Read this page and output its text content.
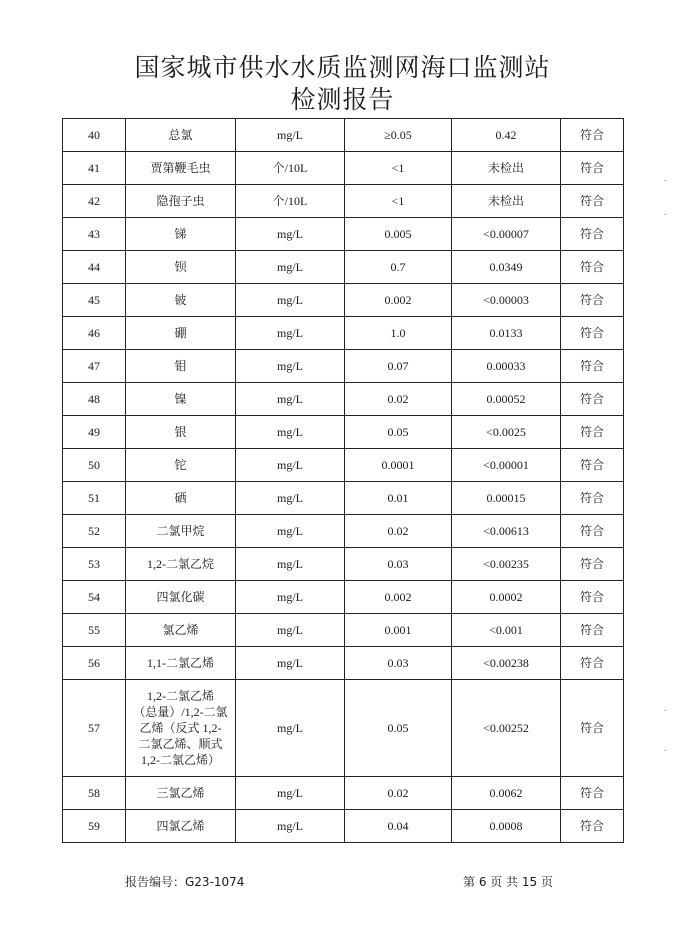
国家城市供水水质监测网海口监测站
检测报告
40	总氯	mg/L	≥0.05	0.42	符合
41	贾第鞭毛虫	个/10L	<1	未检出	符合
42	隐孢子虫	个/10L	<1	未检出	符合
43	锑	mg/L	0.005	<0.00007	符合
44	钡	mg/L	0.7	0.0349	符合
45	铍	mg/L	0.002	<0.00003	符合
46	硼	mg/L	1.0	0.0133	符合
47	钼	mg/L	0.07	0.00033	符合
48	镍	mg/L	0.02	0.00052	符合
49	银	mg/L	0.05	<0.0025	符合
50	铊	mg/L	0.0001	<0.00001	符合
51	硒	mg/L	0.01	0.00015	符合
52	二氯甲烷	mg/L	0.02	<0.00613	符合
53	1,2-二氯乙烷	mg/L	0.03	<0.00235	符合
54	四氯化碳	mg/L	0.002	0.0002	符合
55	氯乙烯	mg/L	0.001	<0.001	符合
56	1,1-二氯乙烯	mg/L	0.03	<0.00238	符合
57	1,2-二氯乙烯
（总量）/1,2-二氯
乙烯（反式 1,2-
二氯乙烯、顺式
1,2-二氯乙烯）	mg/L	0.05	<0.00252	符合
58	三氯乙烯	mg/L	0.02	0.0062	符合
59	四氯乙烯	mg/L	0.04	0.0008	符合
报告编号：G23-1074	第 6 页 共 15 页
-
-
-
-
